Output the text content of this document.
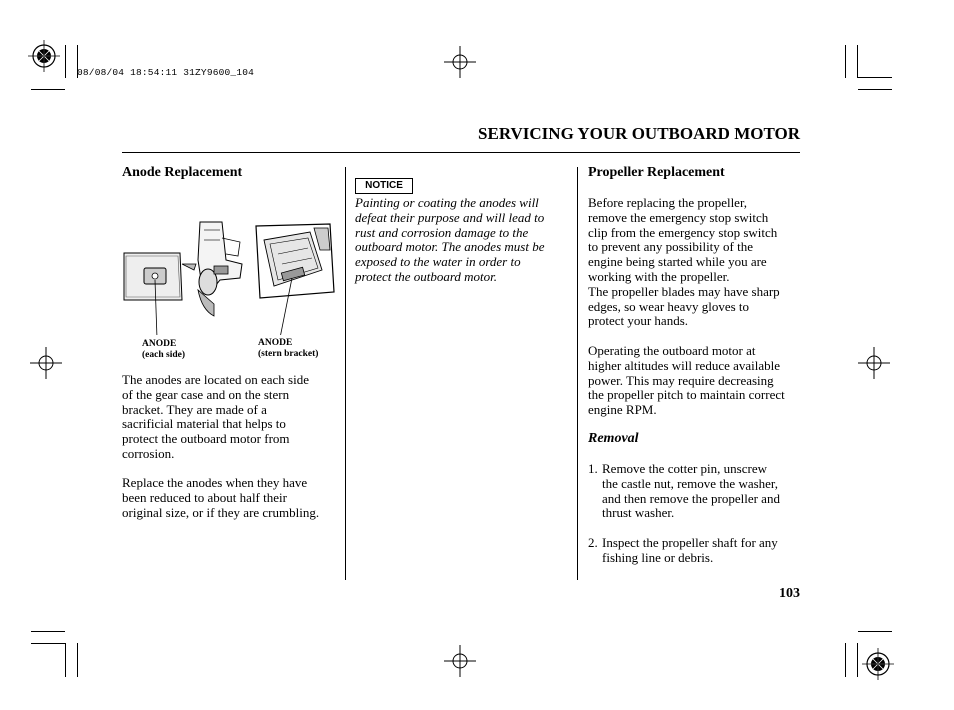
08/08/04 18:54:11 31ZY9600_104
SERVICING YOUR OUTBOARD MOTOR
Anode Replacement
ANODE
(each side)
ANODE
(stern bracket)
The anodes are located on each side
of the gear case and on the stern
bracket. They are made of a
sacrificial material that helps to
protect the outboard motor from
corrosion.
Replace the anodes when they have
been reduced to about half their
original size, or if they are crumbling.
NOTICE
Painting or coating the anodes will
defeat their purpose and will lead to
rust and corrosion damage to the
outboard motor. The anodes must be
exposed to the water in order to
protect the outboard motor.
Propeller Replacement
Before replacing the propeller,
remove the emergency stop switch
clip from the emergency stop switch
to prevent any possibility of the
engine being started while you are
working with the propeller.
The propeller blades may have sharp
edges, so wear heavy gloves to
protect your hands.
Operating the outboard motor at
higher altitudes will reduce available
power. This may require decreasing
the propeller pitch to maintain correct
engine RPM.
Removal
1. Remove the cotter pin, unscrew
the castle nut, remove the washer,
and then remove the propeller and
thrust washer.
2. Inspect the propeller shaft for any
fishing line or debris.
103
